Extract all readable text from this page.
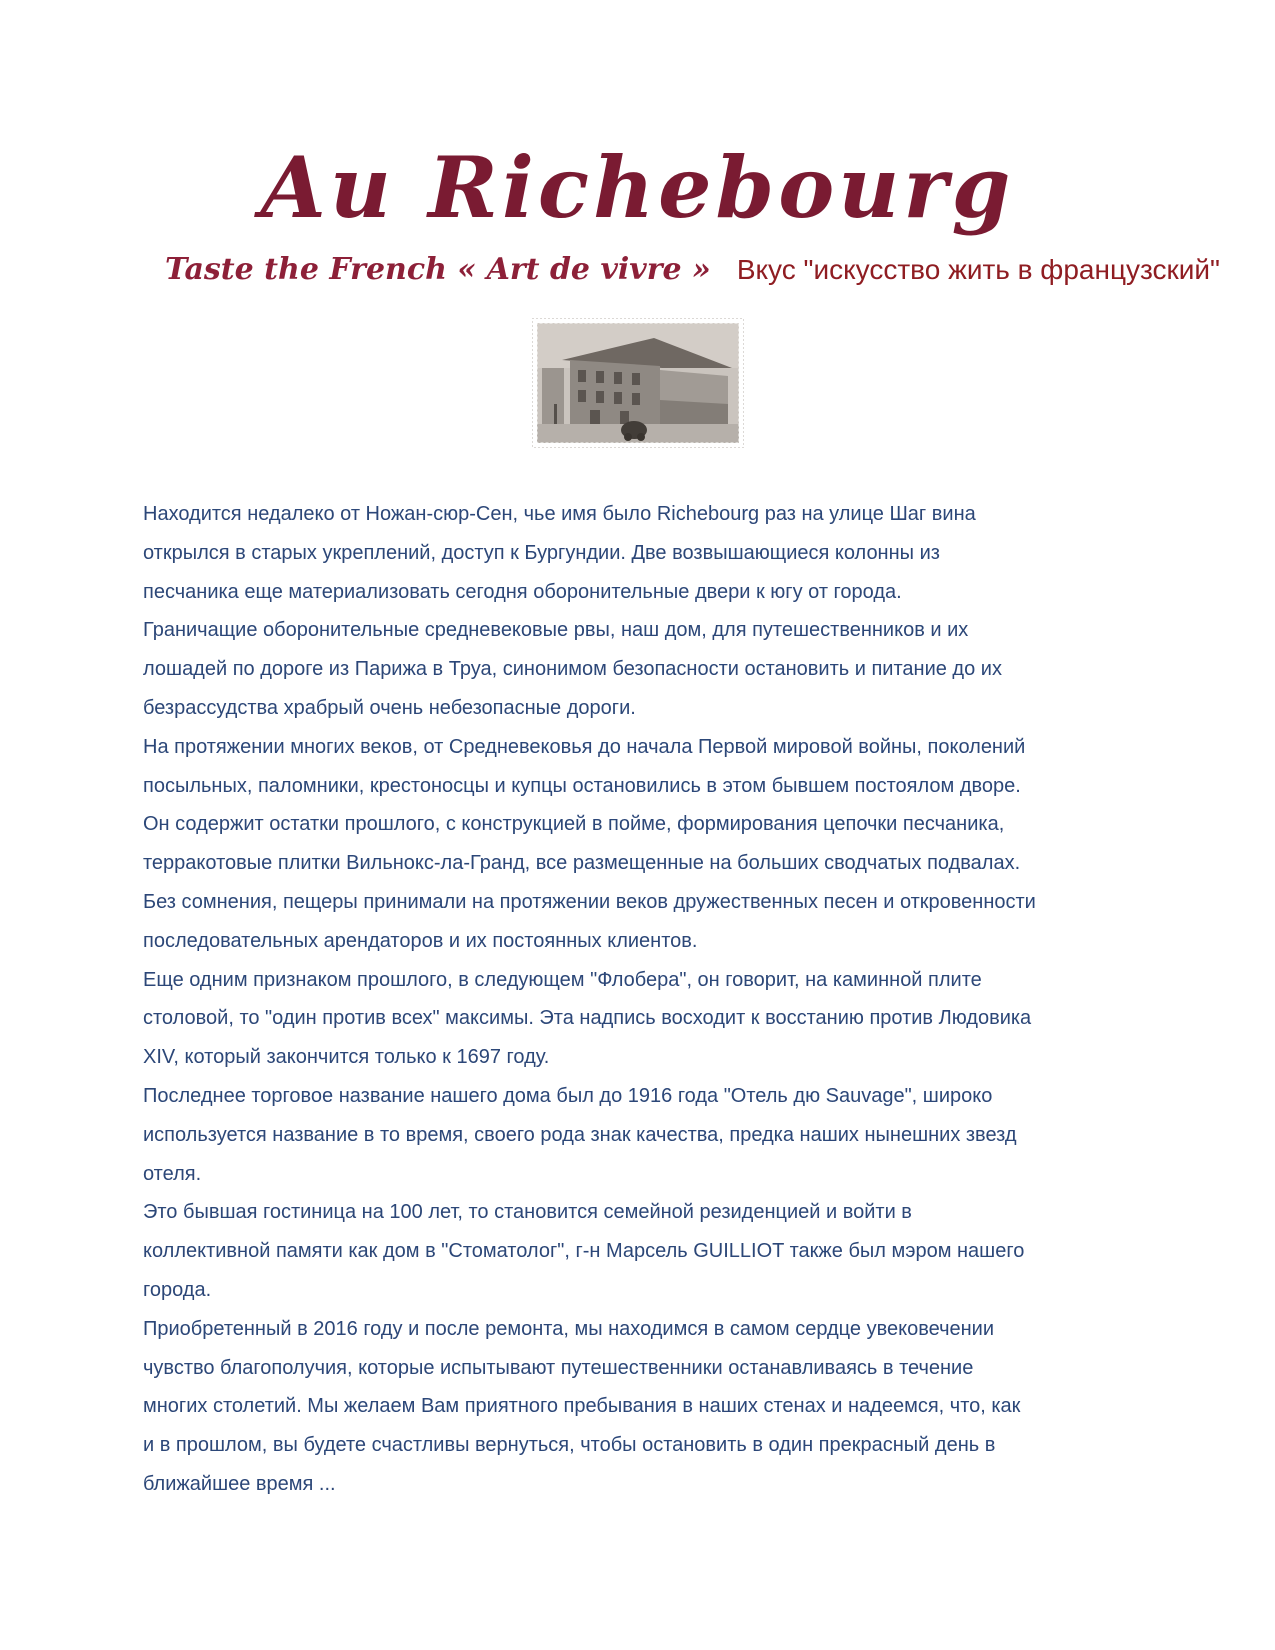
Au Richebourg
Taste the French « Art de vivre » Вкус "искусство жить в французский"
Находится недалеко от Ножан-сюр-Сен, чье имя было Richebourg раз на улице Шаг вина
открылся в старых укреплений, доступ к Бургундии. Две возвышающиеся колонны из
песчаника еще материализовать сегодня оборонительные двери к югу от города.
Граничащие оборонительные средневековые рвы, наш дом, для путешественников и их
лошадей по дороге из Парижа в Труа, синонимом безопасности остановить и питание до их
безрассудства храбрый очень небезопасные дороги.
На протяжении многих веков, от Средневековья до начала Первой мировой войны, поколений
посыльных, паломники, крестоносцы и купцы остановились в этом бывшем постоялом дворе.
Он содержит остатки прошлого, с конструкцией в пойме, формирования цепочки песчаника,
терракотовые плитки Вильнокс-ла-Гранд, все размещенные на больших сводчатых подвалах.
Без сомнения, пещеры принимали на протяжении веков дружественных песен и откровенности
последовательных арендаторов и их постоянных клиентов.
Еще одним признаком прошлого, в следующем "Флобера", он говорит, на каминной плите
столовой, то "один против всех" максимы. Эта надпись восходит к восстанию против Людовика
XIV, который закончится только к 1697 году.
Последнее торговое название нашего дома был до 1916 года "Отель дю Sauvage", широко
используется название в то время, своего рода знак качества, предка наших нынешних звезд
отеля.
Это бывшая гостиница на 100 лет, то становится семейной резиденцией и войти в
коллективной памяти как дом в "Стоматолог", г-н Марсель GUILLIOT также был мэром нашего
города.
Приобретенный в 2016 году и после ремонта, мы находимся в самом сердце увековечении
чувство благополучия, которые испытывают путешественники останавливаясь в течение
многих столетий. Мы желаем Вам приятного пребывания в наших стенах и надеемся, что, как
и в прошлом, вы будете счастливы вернуться, чтобы остановить в один прекрасный день в
ближайшее время ...
